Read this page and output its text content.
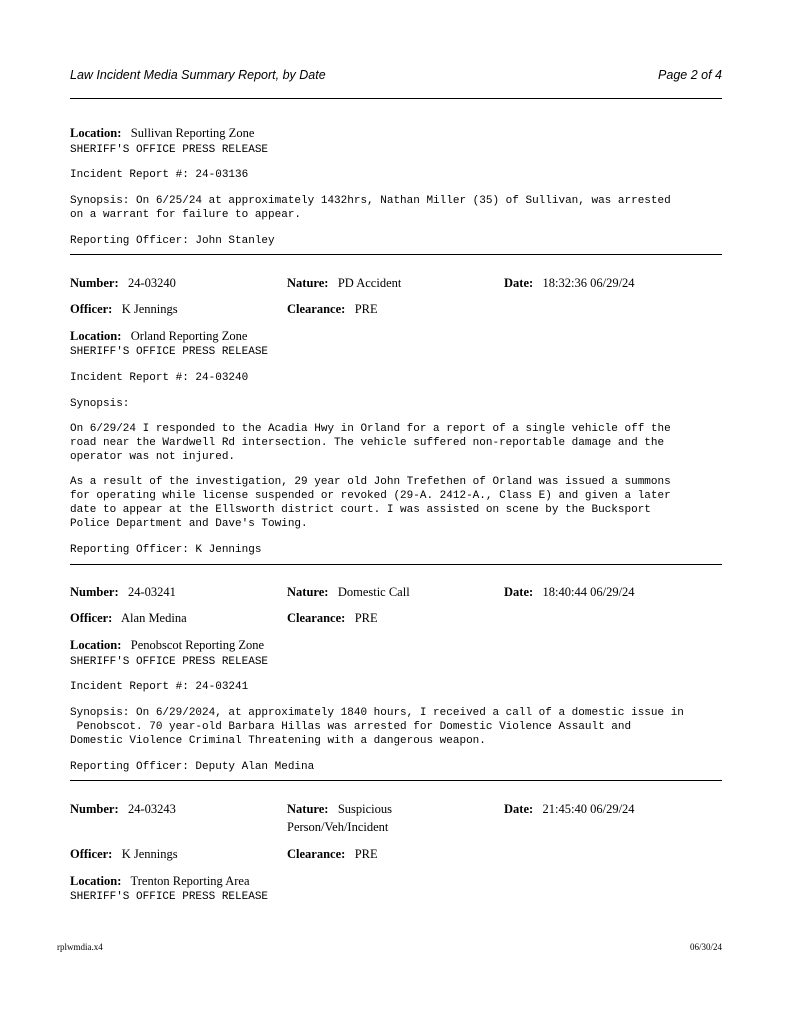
Law Incident Media Summary Report, by Date	Page 2 of 4
Location: Sullivan Reporting Zone
SHERIFF'S OFFICE PRESS RELEASE
Incident Report #: 24-03136
Synopsis: On 6/25/24 at approximately 1432hrs, Nathan Miller (35) of Sullivan, was arrested
on a warrant for failure to appear.
Reporting Officer: John Stanley
Number: 24-03240	Nature: PD Accident	Date: 18:32:36 06/29/24
Officer: K Jennings	Clearance: PRE
Location: Orland Reporting Zone
SHERIFF'S OFFICE PRESS RELEASE
Incident Report #: 24-03240
Synopsis:
On 6/29/24 I responded to the Acadia Hwy in Orland for a report of a single vehicle off the
road near the Wardwell Rd intersection. The vehicle suffered non-reportable damage and the
operator was not injured.
As a result of the investigation, 29 year old John Trefethen of Orland was issued a summons
for operating while license suspended or revoked (29-A. 2412-A., Class E) and given a later
date to appear at the Ellsworth district court. I was assisted on scene by the Bucksport
Police Department and Dave's Towing.
Reporting Officer: K Jennings
Number: 24-03241	Nature: Domestic Call	Date: 18:40:44 06/29/24
Officer: Alan Medina	Clearance: PRE
Location: Penobscot Reporting Zone
SHERIFF'S OFFICE PRESS RELEASE
Incident Report #: 24-03241
Synopsis: On 6/29/2024, at approximately 1840 hours, I received a call of a domestic issue in
Penobscot. 70 year-old Barbara Hillas was arrested for Domestic Violence Assault and
Domestic Violence Criminal Threatening with a dangerous weapon.
Reporting Officer: Deputy Alan Medina
Number: 24-03243	Nature: Suspicious
Person/Veh/Incident
Date: 21:45:40 06/29/24
Officer: K Jennings	Clearance: PRE
Location: Trenton Reporting Area
SHERIFF'S OFFICE PRESS RELEASE
rplwmdia.x4	06/30/24
